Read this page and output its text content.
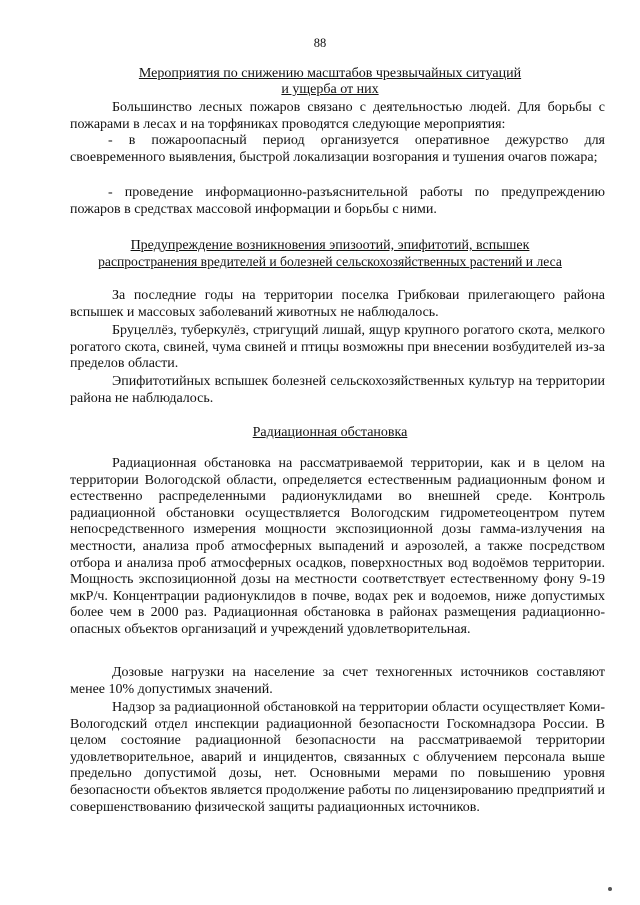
88
Мероприятия по снижению масштабов чрезвычайных ситуаций
и ущерба от них

Большинство лесных пожаров связано с деятельностью людей. Для борьбы с пожарами в лесах и на торфяниках проводятся следующие мероприятия:

- в пожароопасный период организуется оперативное дежурство для своевременного выявления, быстрой локализации возгорания и тушения очагов пожара;

- проведение информационно-разъяснительной работы по предупреждению пожаров в средствах массовой информации и борьбы с ними.

Предупреждение возникновения эпизоотий, эпифитотий, вспышек
распространения вредителей и болезней сельскохозяйственных растений и леса

За последние годы на территории поселка Грибковаи прилегающего района вспышек и массовых заболеваний животных не наблюдалось.

Бруцеллёз, туберкулёз, стригущий лишай, ящур крупного рогатого скота, мелкого рогатого скота, свиней, чума свиней и птицы возможны при внесении возбудителей из-за пределов области.

Эпифитотийных вспышек болезней сельскохозяйственных культур на территории района не наблюдалось.

Радиационная обстановка

Радиационная обстановка на рассматриваемой территории, как и в целом на территории Вологодской области, определяется естественным радиационным фоном и естественно распределенными радионуклидами во внешней среде. Контроль радиационной обстановки осуществляется Вологодским гидрометеоцентром путем непосредственного измерения мощности экспозиционной дозы гамма-излучения на местности, анализа проб атмосферных выпадений и аэрозолей, а также посредством отбора и анализа проб атмосферных осадков, поверхностных вод водоёмов территории. Мощность экспозиционной дозы на местности соответствует естественному фону 9-19 мкР/ч. Концентрации радионуклидов в почве, водах рек и водоемов, ниже допустимых более чем в 2000 раз. Радиационная обстановка в районах размещения радиационно-опасных объектов организаций и учреждений удовлетворительная.

Дозовые нагрузки на население за счет техногенных источников составляют менее 10% допустимых значений.

Надзор за радиационной обстановкой на территории области осуществляет Коми-Вологодский отдел инспекции радиационной безопасности Госкомнадзора России. В целом состояние радиационной безопасности на рассматриваемой территории удовлетворительное, аварий и инцидентов, связанных с облучением персонала выше предельно допустимой дозы, нет. Основными мерами по повышению уровня безопасности объектов является продолжение работы по лицензированию предприятий и совершенствованию физической защиты радиационных источников.
